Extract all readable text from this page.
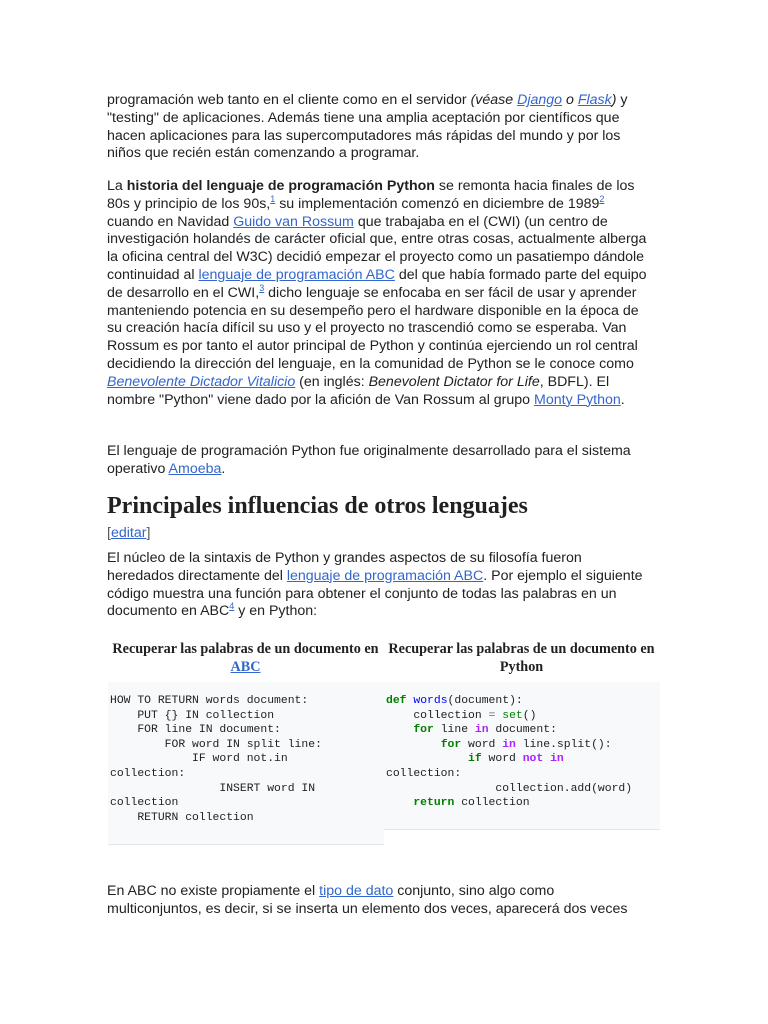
programación web tanto en el cliente como en el servidor (véase Django o Flask) y "testing" de aplicaciones. Además tiene una amplia aceptación por científicos que hacen aplicaciones para las supercomputadores más rápidas del mundo y por los niños que recién están comenzando a programar.

La historia del lenguaje de programación Python se remonta hacia finales de los 80s y principio de los 90s,$^1$ su implementación comenzó en diciembre de 1989$^2$ cuando en Navidad Guido van Rossum que trabajaba en el (CWI) (un centro de investigación holandés de carácter oficial que, entre otras cosas, actualmente alberga la oficina central del W3C) decidió empezar el proyecto como un pasatiempo dándole continuidad al lenguaje de programación ABC del que había formado parte del equipo de desarrollo en el CWI,$^3$ dicho lenguaje se enfocaba en ser fácil de usar y aprender manteniendo potencia en su desempeño pero el hardware disponible en la época de su creación hacía difícil su uso y el proyecto no trascendió como se esperaba. Van Rossum es por tanto el autor principal de Python y continúa ejerciendo un rol central decidiendo la dirección del lenguaje, en la comunidad de Python se le conoce como Benevolente Dictador Vitalicio (en inglés: Benevolent Dictator for Life, BDFL). El nombre "Python" viene dado por la afición de Van Rossum al grupo Monty Python.

El lenguaje de programación Python fue originalmente desarrollado para el sistema operativo Amoeba.

Principales influencias de otros lenguajes
[editar]

El núcleo de la sintaxis de Python y grandes aspectos de su filosofía fueron heredados directamente del lenguaje de programación ABC. Por ejemplo el siguiente código muestra una función para obtener el conjunto de todas las palabras en un documento en ABC$^4$ y en Python:

Recuperar las palabras de un documento en ABC
Recuperar las palabras de un documento en Python
HOW TO RETURN words document:
PUT {} IN collection
FOR line IN document:
FOR word IN split line:
IF word not.in
collection:
INSERT word IN
collection
RETURN collection
def words(document):
collection = set()
for line in document:
for word in line.split():
if word not in
collection:
collection.add(word)
return collection

En ABC no existe propiamente el tipo de dato conjunto, sino algo como multiconjuntos, es decir, si se inserta un elemento dos veces, aparecerá dos veces
